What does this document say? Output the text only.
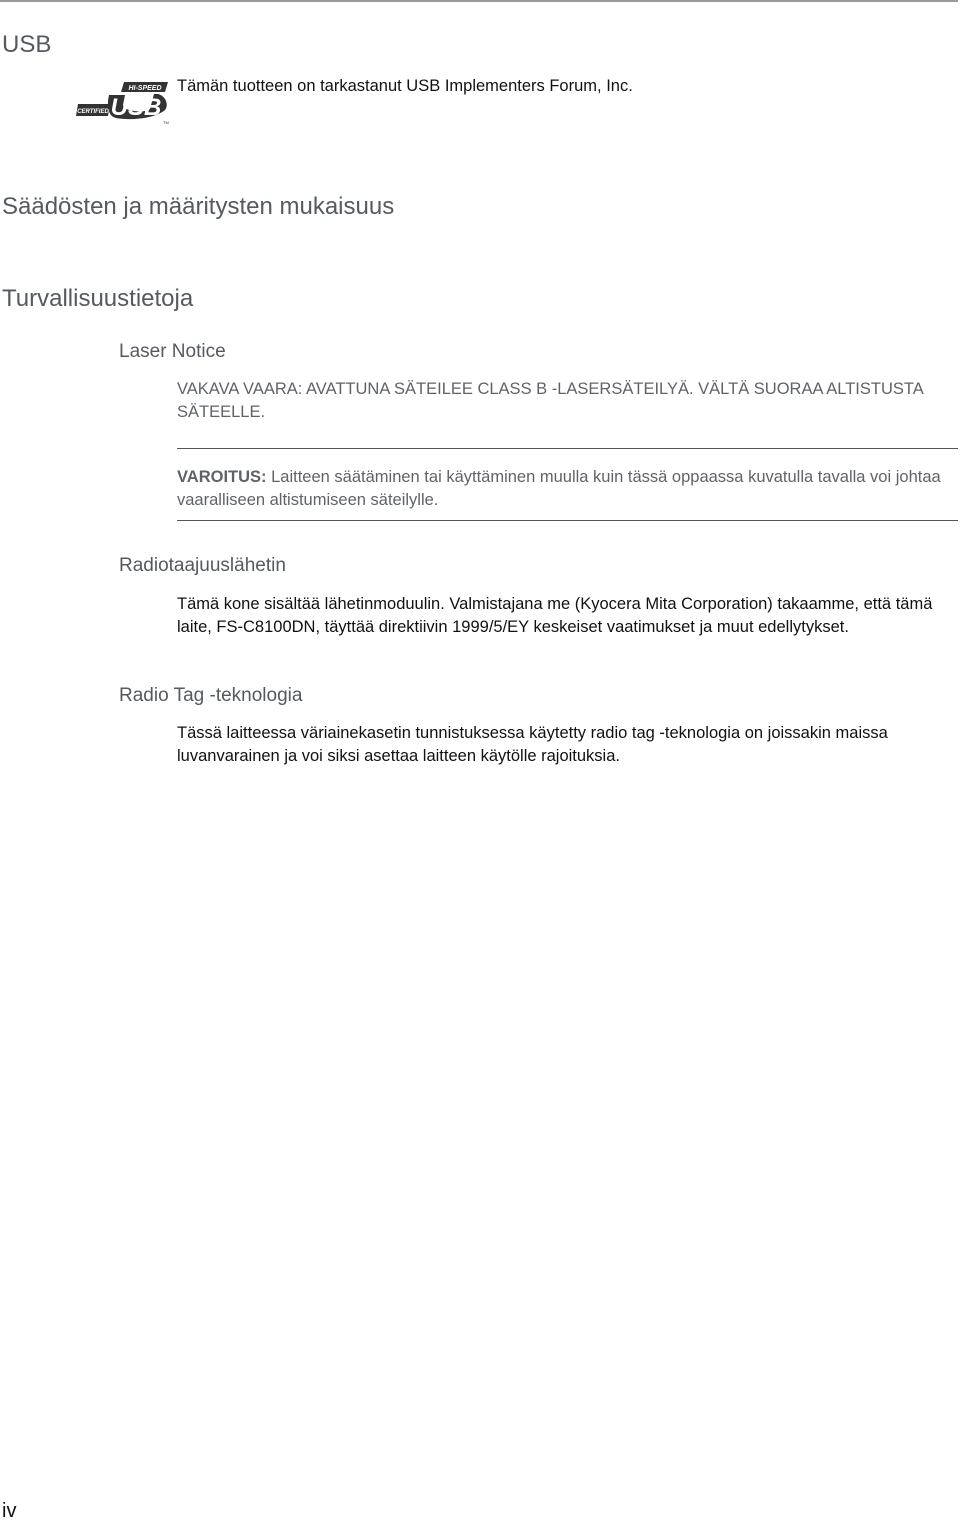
USB
HI-SPEED
CERTIFIED USB
TM

Tämän tuotteen on tarkastanut USB Implementers Forum, Inc.

Säädösten ja määritysten mukaisuus
Turvallisuustietoja
Laser Notice

VAKAVA VAARA: AVATTUNA SÄTEILEE CLASS B -LASERSÄTEILYÄ. VÄLTÄ SUORAA ALTISTUSTA SÄTEELLE.

VAROITUS: Laitteen säätäminen tai käyttäminen muulla kuin tässä oppaassa kuvatulla tavalla voi johtaa vaaralliseen altistumiseen säteilylle.

Radiotaajuuslähetin

Tämä kone sisältää lähetinmoduulin. Valmistajana me (Kyocera Mita Corporation) takaamme, että tämä laite, FS-C8100DN, täyttää direktiivin 1999/5/EY keskeiset vaatimukset ja muut edellytykset.

Radio Tag -teknologia

Tässä laitteessa väriainekasetin tunnistuksessa käytetty radio tag -teknologia on joissakin maissa luvanvarainen ja voi siksi asettaa laitteen käytölle rajoituksia.

iv
